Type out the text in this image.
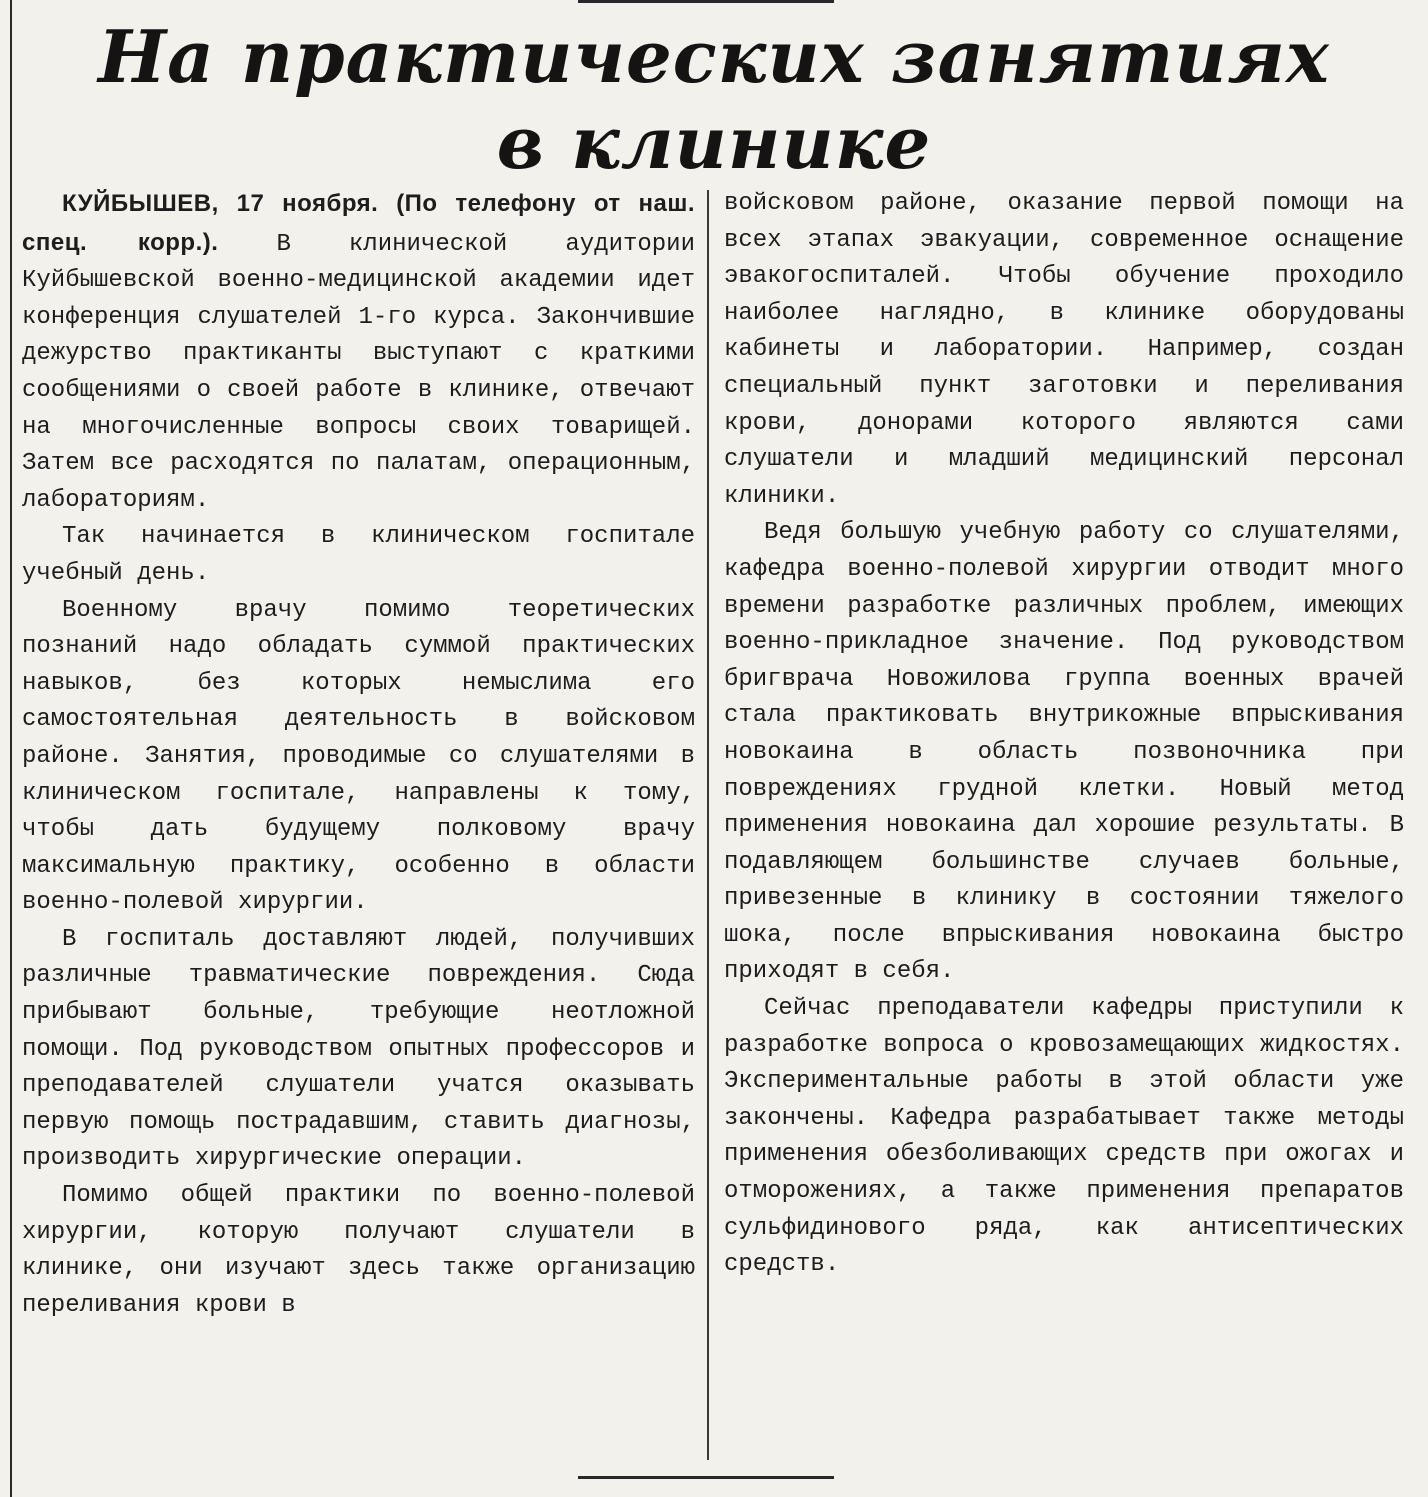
На практических занятиях
в клинике

КУЙБЫШЕВ, 17 ноября. (По телефону от наш. спец. корр.). В клинической аудитории Куйбышевской военно-медицинской академии идет конференция слушателей 1-го курса. Закончившие дежурство практиканты выступают с краткими сообщениями о своей работе в клинике, отвечают на многочисленные вопросы своих товарищей. Затем все расходятся по палатам, операционным, лабораториям.

Так начинается в клиническом госпитале учебный день.

Военному врачу помимо теоретических познаний надо обладать суммой практических навыков, без которых немыслима его самостоятельная деятельность в войсковом районе. Занятия, проводимые со слушателями в клиническом госпитале, направлены к тому, чтобы дать будущему полковому врачу максимальную практику, особенно в области военно-полевой хирургии.

В госпиталь доставляют людей, получивших различные травматические повреждения. Сюда прибывают больные, требующие неотложной помощи. Под руководством опытных профессоров и преподавателей слушатели учатся оказывать первую помощь пострадавшим, ставить диагнозы, производить хирургические операции.

Помимо общей практики по военно-полевой хирургии, которую получают слушатели в клинике, они изучают здесь также организацию переливания крови в

войсковом районе, оказание первой помощи на всех этапах эвакуации, современное оснащение эвакогоспиталей. Чтобы обучение проходило наиболее наглядно, в клинике оборудованы кабинеты и лаборатории. Например, создан специальный пункт заготовки и переливания крови, донорами которого являются сами слушатели и младший медицинский персонал клиники.

Ведя большую учебную работу со слушателями, кафедра военно-полевой хирургии отводит много времени разработке различных проблем, имеющих военно-прикладное значение. Под руководством бригврача Новожилова группа военных врачей стала практиковать внутрикожные впрыскивания новокаина в область позвоночника при повреждениях грудной клетки. Новый метод применения новокаина дал хорошие результаты. В подавляющем большинстве случаев больные, привезенные в клинику в состоянии тяжелого шока, после впрыскивания новокаина быстро приходят в себя.

Сейчас преподаватели кафедры приступили к разработке вопроса о кровозамещающих жидкостях. Экспериментальные работы в этой области уже закончены. Кафедра разрабатывает также методы применения обезболивающих средств при ожогах и отморожениях, а также применения препаратов сульфидинового ряда, как антисептических средств.
